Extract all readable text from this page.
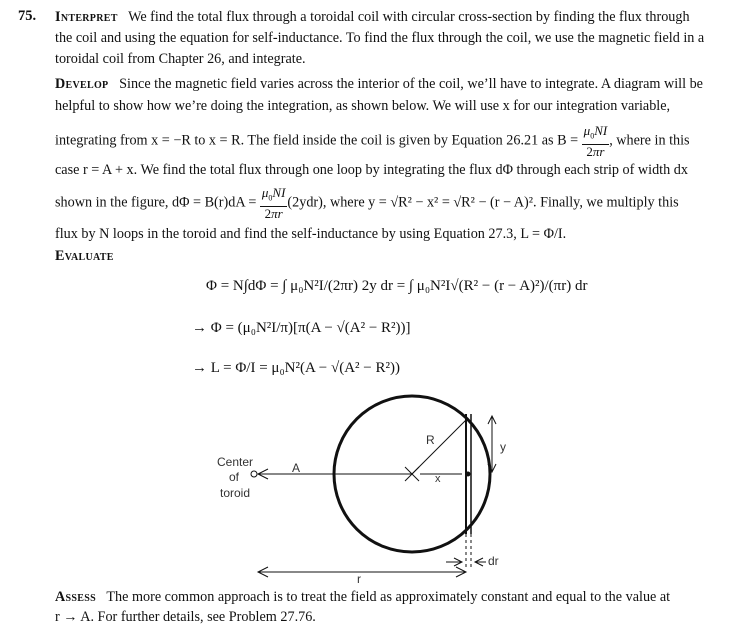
75. Interpret We find the total flux through a toroidal coil with circular cross-section by finding the flux through
the coil and using the equation for self-inductance. To find the flux through the coil, we use the magnetic field in a
toroidal coil from Chapter 26, and integrate.
Develop Since the magnetic field varies across the interior of the coil, we’ll have to integrate. A diagram will be
helpful to show how we’re doing the integration, as shown below. We will use x for our integration variable,
integrating from x = −R to x = R. The field inside the coil is given by Equation 26.21 as $B = \frac{\mu_0NI}{2\pi r}$ , where in this
case r = A + x. We find the total flux through one loop by integrating the flux dΦ through each strip of width dx
shown in the figure, $d\Phi = B(r)dA = \frac{\mu_0NI}{2\pi r} (2ydr)$, where y = √R² − x² = √R² − (r − A)². Finally, we multiply this
flux by N loops in the toroid and find the self-inductance by using Equation 27.3, L = Φ/I.
Evaluate
Φ = N∫dΦ = ∫ μ₀N²I/(2πr) 2y dr = ∫ μ₀N²I√(R² − (r − A)²)/(πr) dr
→ Φ = (μ₀N²I/π)[π(A − √(A² − R²))]
→ L = Φ/I = μ₀N²(A − √(A² − R²))
Center
of
toroid
A
R
x
y
dr
r
Assess The more common approach is to treat the field as approximately constant and equal to the value at
r → A. For further details, see Problem 27.76.
